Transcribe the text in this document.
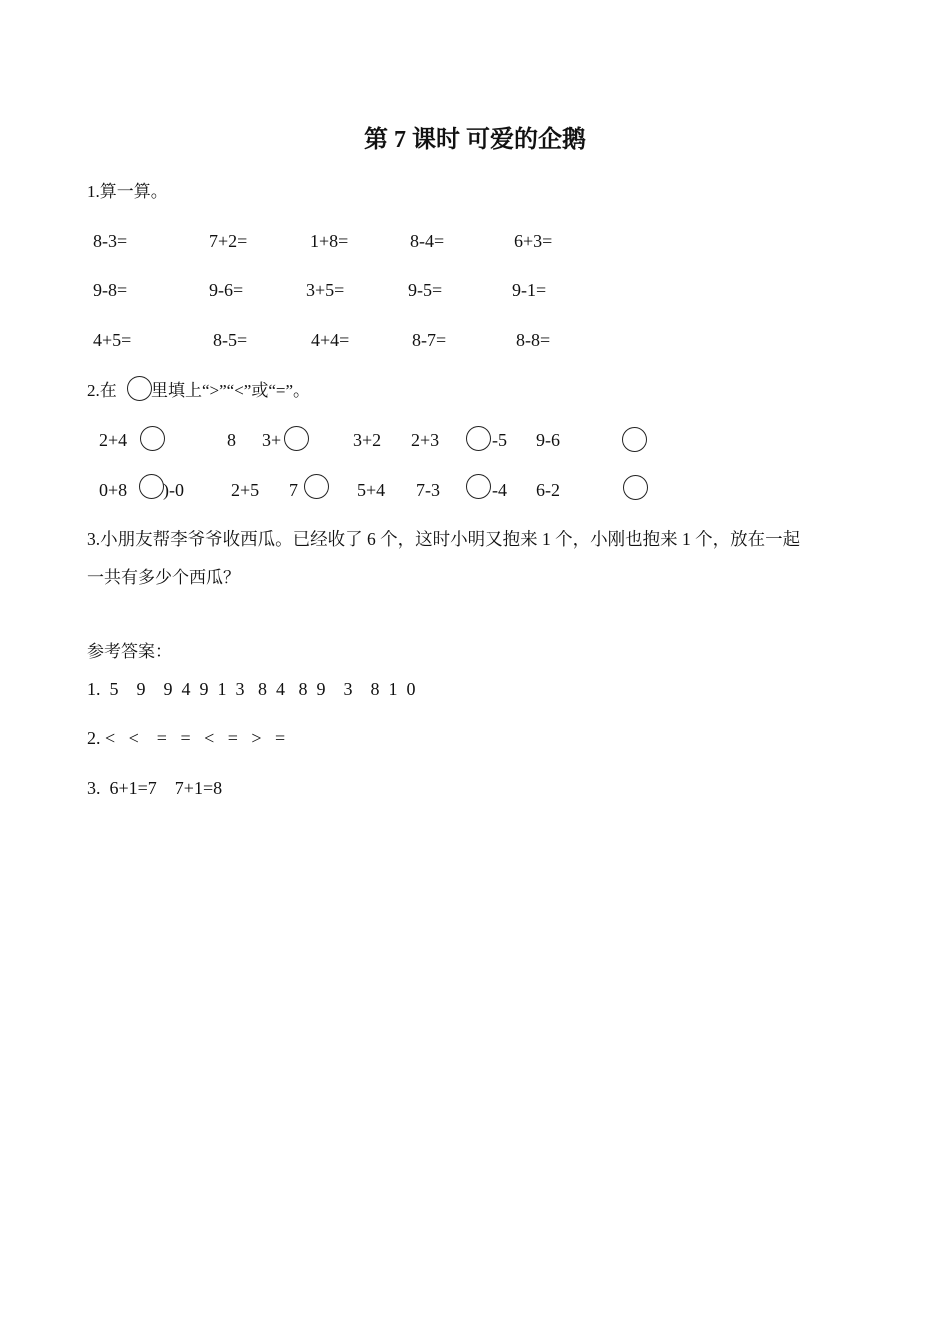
第 7 课时 可爱的企鹅
1.算一算。
8-3=	7+2=	1+8=	8-4=	6+3=
9-8=	9-6=	3+5=	9-5=	9-1=
4+5=	8-5=	4+4=	8-7=	8-8=
2.在 里填上“>”“<”或“=”。
2+4	8 3+	3+2 2+3	-5 9-6
0+8 )-0	2+5 7	5+4 7-3	-4 6-2
3.小朋友帮李爷爷收西瓜。已经收了 6 个，这时小明又抱来 1 个，小刚也抱来 1 个，放在一起
一共有多少个西瓜？
参考答案：
1.  5    9    9  4  9  1  3   8  4   8  9    3    8  1  0
2. <   <    =   =   <   =   >   =
3.  6+1=7    7+1=8
